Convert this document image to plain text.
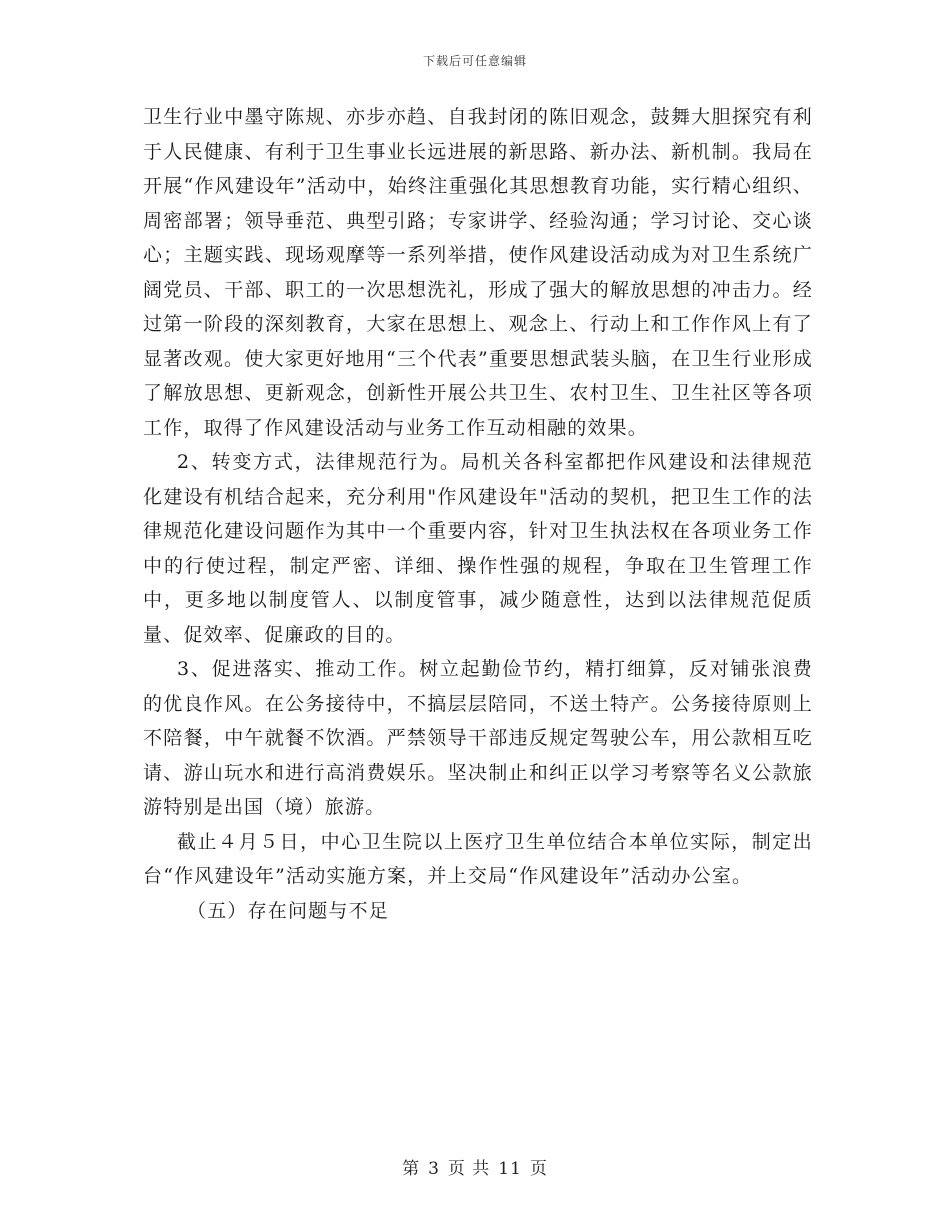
下载后可任意编辑

卫生行业中墨守陈规、亦步亦趋、自我封闭的陈旧观念，鼓舞大胆探究有利于人民健康、有利于卫生事业长远进展的新思路、新办法、新机制。我局在开展“作风建设年”活动中，始终注重强化其思想教育功能，实行精心组织、周密部署；领导垂范、典型引路；专家讲学、经验沟通；学习讨论、交心谈心；主题实践、现场观摩等一系列举措，使作风建设活动成为对卫生系统广阔党员、干部、职工的一次思想洗礼，形成了强大的解放思想的冲击力。经过第一阶段的深刻教育，大家在思想上、观念上、行动上和工作作风上有了显著改观。使大家更好地用“三个代表”重要思想武装头脑，在卫生行业形成了解放思想、更新观念，创新性开展公共卫生、农村卫生、卫生社区等各项工作，取得了作风建设活动与业务工作互动相融的效果。

2、转变方式，法律规范行为。局机关各科室都把作风建设和法律规范化建设有机结合起来，充分利用"作风建设年"活动的契机，把卫生工作的法律规范化建设问题作为其中一个重要内容，针对卫生执法权在各项业务工作中的行使过程，制定严密、详细、操作性强的规程，争取在卫生管理工作中，更多地以制度管人、以制度管事，减少随意性，达到以法律规范促质量、促效率、促廉政的目的。

3、促进落实、推动工作。树立起勤俭节约，精打细算，反对铺张浪费的优良作风。在公务接待中，不搞层层陪同，不送土特产。公务接待原则上不陪餐，中午就餐不饮酒。严禁领导干部违反规定驾驶公车，用公款相互吃请、游山玩水和进行高消费娱乐。坚决制止和纠正以学习考察等名义公款旅游特别是出国（境）旅游。

截止４月５日，中心卫生院以上医疗卫生单位结合本单位实际，制定出台“作风建设年”活动实施方案，并上交局“作风建设年”活动办公室。

（五）存在问题与不足

第 3 页 共 11 页
